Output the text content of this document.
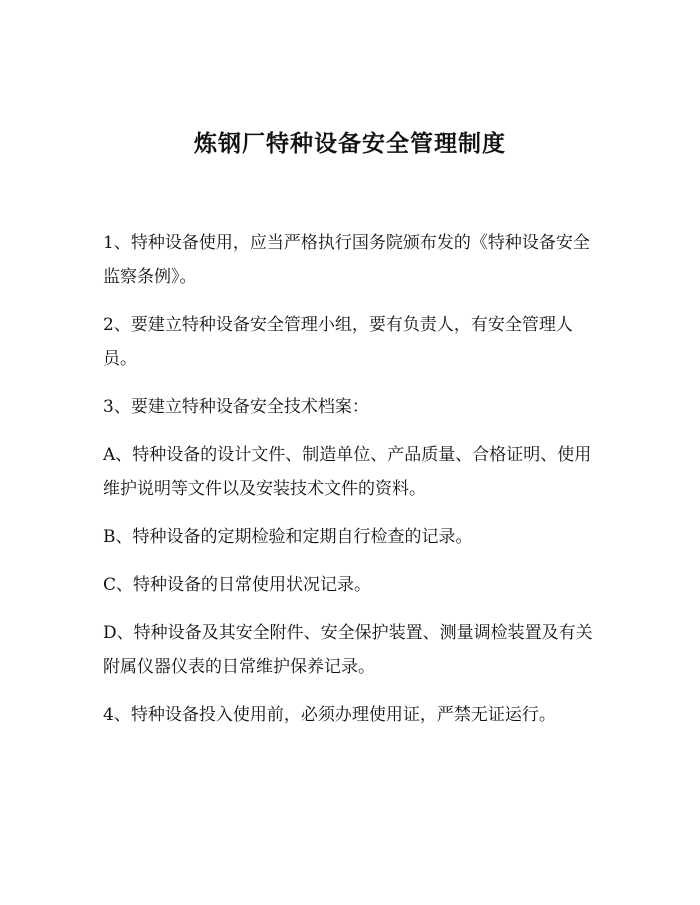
炼钢厂特种设备安全管理制度

1、特种设备使用，应当严格执行国务院颁布发的《特种设备安全监察条例》。

2、要建立特种设备安全管理小组，要有负责人，有安全管理人员。

3、要建立特种设备安全技术档案：

A、特种设备的设计文件、制造单位、产品质量、合格证明、使用维护说明等文件以及安装技术文件的资料。

B、特种设备的定期检验和定期自行检查的记录。

C、特种设备的日常使用状况记录。

D、特种设备及其安全附件、安全保护装置、测量调检装置及有关附属仪器仪表的日常维护保养记录。

4、特种设备投入使用前，必须办理使用证，严禁无证运行。
